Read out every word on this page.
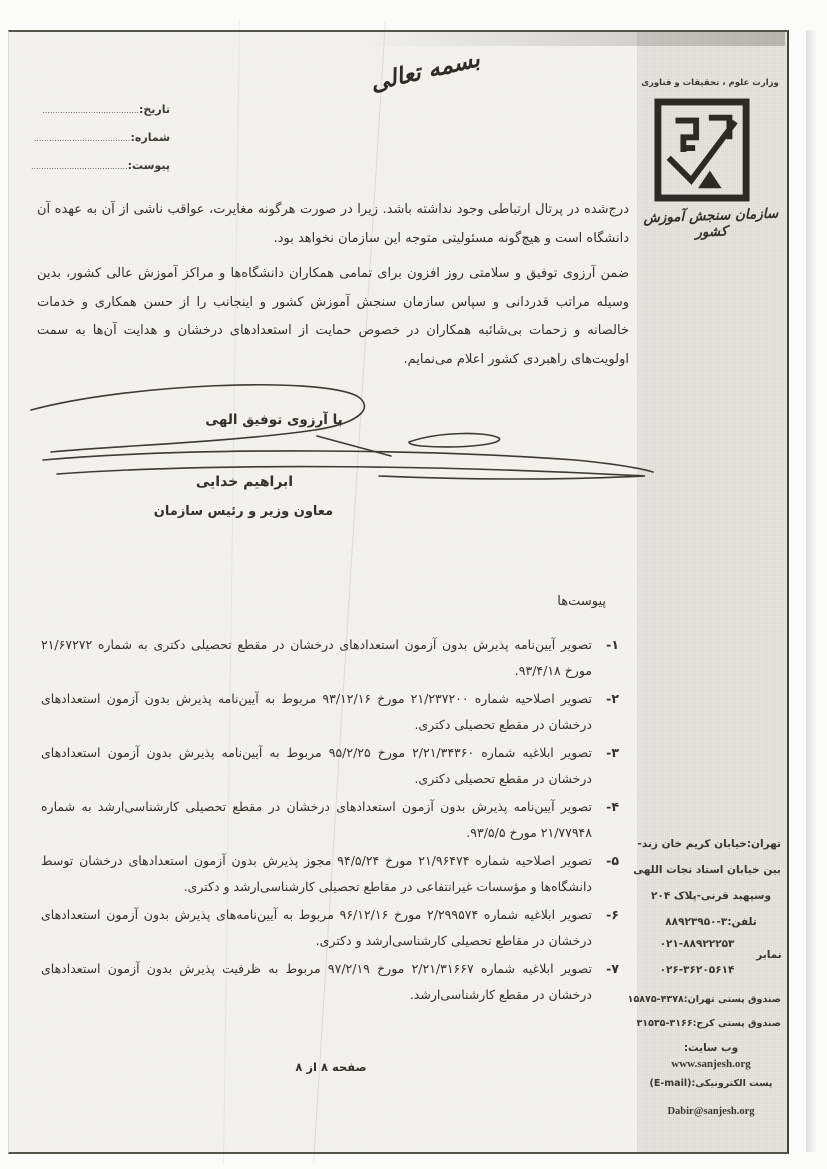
بسمه تعالی
تاریخ:......................................
شماره:......................................
پیوست:......................................
وزارت علوم ، تحقیقات و فناوری
سازمان سنجش آموزش کشور
درج‌شده در پرتال ارتباطی وجود نداشته باشد. زیرا در صورت هرگونه مغایرت، عواقب ناشی از آن به عهده آن دانشگاه است و هیچ‌گونه مسئولیتی متوجه این سازمان نخواهد بود.
ضمن آرزوی توفیق و سلامتی روز افزون برای تمامی همکاران دانشگاه‌ها و مراکز آموزش عالی کشور، بدین وسیله مراتب قدردانی و سپاس سازمان سنجش آموزش کشور و اینجانب را از حسن همکاری و خدمات خالصانه و زحمات بی‌شائبه همکاران در خصوص حمایت از استعدادهای درخشان و هدایت آن‌ها به سمت اولویت‌های راهبردی کشور اعلام می‌نمایم.
با آرزوی توفیق الهی
ابراهیم خدایی
معاون وزیر و رئیس سازمان
پیوست‌ها
۱-
تصویر آیین‌نامه پذیرش بدون آزمون استعدادهای درخشان در مقطع تحصیلی دکتری به شماره ۲۱/۶۷۲۷۲ مورخ ۹۳/۴/۱۸.
۲-
تصویر اصلاحیه شماره ۲۱/۲۳۷۲۰۰ مورخ ۹۳/۱۲/۱۶ مربوط به آیین‌نامه پذیرش بدون آزمون استعدادهای درخشان در مقطع تحصیلی دکتری.
۳-
تصویر ابلاغیه شماره ۲/۲۱/۳۴۳۶۰ مورخ ۹۵/۲/۲۵ مربوط به آیین‌نامه پذیرش بدون آزمون استعدادهای درخشان در مقطع تحصیلی دکتری.
۴-
تصویر آیین‌نامه پذیرش بدون آزمون استعدادهای درخشان در مقطع تحصیلی کارشناسی‌ارشد به شماره ۲۱/۷۷۹۴۸ مورخ ۹۳/۵/۵.
۵-
تصویر اصلاحیه شماره ۲۱/۹۶۴۷۴ مورخ ۹۴/۵/۲۴ مجوز پذیرش بدون آزمون استعدادهای درخشان توسط دانشگاه‌ها و مؤسسات غیرانتفاعی در مقاطع تحصیلی کارشناسی‌ارشد و دکتری.
۶-
تصویر ابلاغیه شماره ۲/۲۹۹۵۷۴ مورخ ۹۶/۱۲/۱۶ مربوط به آیین‌نامه‌های پذیرش بدون آزمون استعدادهای درخشان در مقاطع تحصیلی کارشناسی‌ارشد و دکتری.
۷-
تصویر ابلاغیه شماره ۲/۲۱/۳۱۶۶۷ مورخ ۹۷/۲/۱۹ مربوط به ظرفیت پذیرش بدون آزمون استعدادهای درخشان در مقطع کارشناسی‌ارشد.
تهران:خیابان کریم خان زند-
بین خیابان استاد نجات اللهی
وسپهبد قرنی-پلاک ۲۰۴
تلفن:۳-۸۸۹۲۳۹۵۰
۰۲۱-۸۸۹۲۲۲۵۳
نمابر
۰۲۶-۳۶۲۰۵۶۱۴
صندوق پستی تهران:۴۳۷۸-۱۵۸۷۵
صندوق پستی کرج:۳۱۶۶-۳۱۵۳۵
وب سایت:
www.sanjesh.org
پست الکترونیکی:(E-mail)
Dabir@sanjesh.org
صفحه ۸ از ۸
